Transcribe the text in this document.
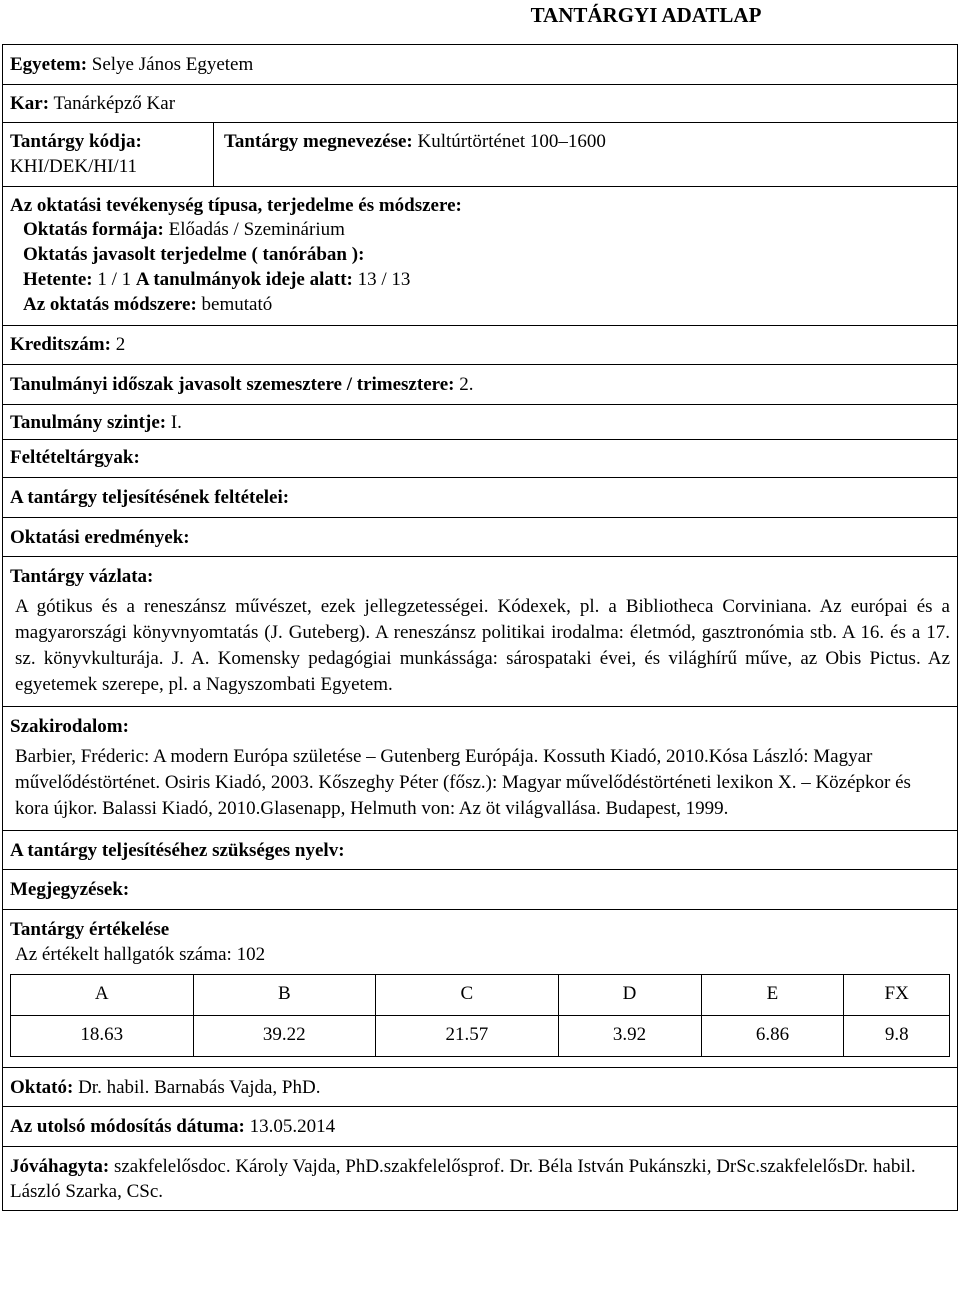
TANTÁRGYI ADATLAP
Egyetem: Selye János Egyetem
Kar: Tanárképző Kar
Tantárgy kódja:
KHI/DEK/HI/11
Tantárgy megnevezése: Kultúrtörténet 100–1600
Az oktatási tevékenység típusa, terjedelme és módszere:
Oktatás formája: Előadás / Szeminárium
Oktatás javasolt terjedelme ( tanórában ):
Hetente: 1 / 1 A tanulmányok ideje alatt: 13 / 13
Az oktatás módszere: bemutató
Kreditszám: 2
Tanulmányi időszak javasolt szemesztere / trimesztere: 2.
Tanulmány szintje: I.
Feltételtárgyak:
A tantárgy teljesítésének feltételei:
Oktatási eredmények:
Tantárgy vázlata:
A gótikus és a reneszánsz művészet, ezek jellegzetességei. Kódexek, pl. a Bibliotheca Corviniana. Az európai és a magyarországi könyvnyomtatás (J. Guteberg). A reneszánsz politikai irodalma: életmód, gasztronómia stb. A 16. és a 17. sz. könyvkulturája. J. A. Komensky pedagógiai munkássága: sárospataki évei, és világhírű műve, az Obis Pictus. Az egyetemek szerepe, pl. a Nagyszombati Egyetem.
Szakirodalom:
Barbier, Fréderic: A modern Európa születése – Gutenberg Európája. Kossuth Kiadó, 2010.Kósa László: Magyar művelődéstörténet. Osiris Kiadó, 2003. Kőszeghy Péter (fősz.): Magyar művelődéstörténeti lexikon X. – Középkor és kora újkor. Balassi Kiadó, 2010.Glasenapp, Helmuth von: Az öt világvallása. Budapest, 1999.
A tantárgy teljesítéséhez szükséges nyelv:
Megjegyzések:
Tantárgy értékelése
Az értékelt hallgatók száma: 102
A	B	C	D	E	FX
18.63	39.22	21.57	3.92	6.86	9.8
Oktató: Dr. habil. Barnabás Vajda, PhD.
Az utolsó módosítás dátuma: 13.05.2014
Jóváhagyta: szakfelelősdoc. Károly Vajda, PhD.szakfelelősprof. Dr. Béla István Pukánszki, DrSc.szakfelelősDr. habil. László Szarka, CSc.
